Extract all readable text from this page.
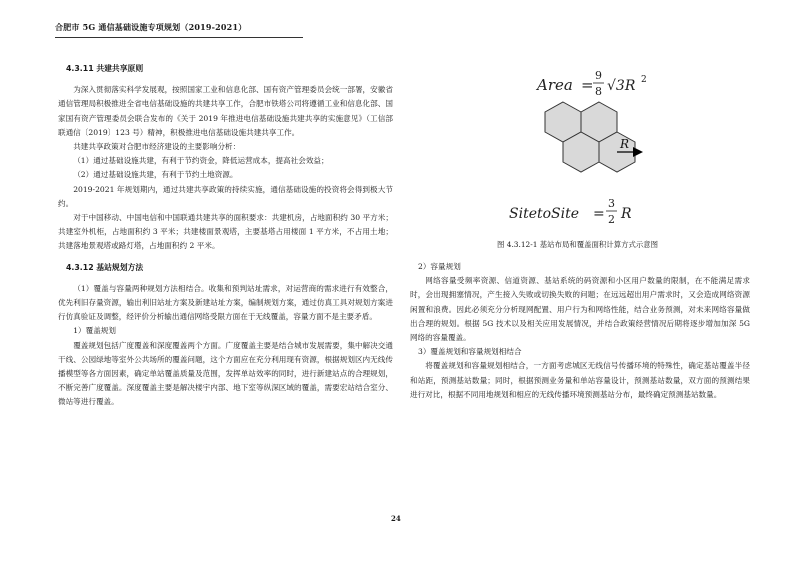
合肥市 5G 通信基础设施专项规划（2019-2021）
4.3.11 共建共享原则

为深入贯彻落实科学发展观，按照国家工业和信息化部、国有资产管理委员会统一部署，安徽省通信管理局积极推进全省电信基础设施的共建共享工作，合肥市铁塔公司将遵循工业和信息化部、国家国有资产管理委员会联合发布的《关于 2019 年推进电信基础设施共建共享的实施意见》（工信部联通信〔2019〕123 号）精神，积极推进电信基础设施共建共享工作。

共建共享政策对合肥市经济建设的主要影响分析：

（1）通过基础设施共建，有利于节约资金，降低运营成本，提高社会效益；

（2）通过基础设施共建，有利于节约土地资源。

2019-2021 年规划期内，通过共建共享政策的持续实施，通信基础设施的投资将会得到极大节约。

对于中国移动、中国电信和中国联通共建共享的面积要求：共建机房，占地面积约 30 平方米；共建室外机柜，占地面积约 3 平米；共建楼面景观塔，主要基塔占用楼面 1 平方米，不占用土地；共建落地景观塔或路灯塔，占地面积约 2 平米。

4.3.12 基站规划方法

（1）覆盖与容量两种规划方法相结合。收集和预判站址需求，对运营商的需求进行有效整合，优先利旧存量资源，输出利旧站址方案及新建站址方案，编制规划方案，通过仿真工具对规划方案进行仿真验证及调整，经评价分析输出通信网络受限方面在于无线覆盖，容量方面不是主要矛盾。

1）覆盖规划

覆盖规划包括广度覆盖和深度覆盖两个方面。广度覆盖主要是结合城市发展需要，集中解决交通干线、公园绿地等室外公共场所的覆盖问题，这个方面应在充分利用现有资源，根据规划区内无线传播模型等各方面因素，确定单站覆盖质量及范围，发挥单站效率的同时，进行新建站点的合理规划，不断完善广度覆盖。深度覆盖主要是解决楼宇内部、地下室等纵深区域的覆盖，需要宏站结合室分、微站等进行覆盖。

Area =
9
8 √3R 2
R
SitetoSite =
3
2 R
图 4.3.12-1 基站布局和覆盖面积计算方式示意图

2）容量规划

网络容量受频率资源、信道资源、基站系统的码资源和小区用户数量的限制，在不能满足需求时，会出现拥塞情况，产生接入失败或切换失败的问题；在远远超出用户需求时，又会造成网络资源闲置和浪费。因此必须充分分析现网配置、用户行为和网络性能，结合业务预测，对未来网络容量做出合理的规划。根据 5G 技术以及相关应用发展情况，并结合政策经营情况后期将逐步增加加深 5G 网络的容量覆盖。

3）覆盖规划和容量规划相结合

将覆盖规划和容量规划相结合，一方面考虑城区无线信号传播环境的特殊性，确定基站覆盖半径和站距，预测基站数量；同时，根据预测业务量和单站容量设计，预测基站数量，双方面的预测结果进行对比，根据不同用地规划和相应的无线传播环境预测基站分布，最终确定预测基站数量。

24
